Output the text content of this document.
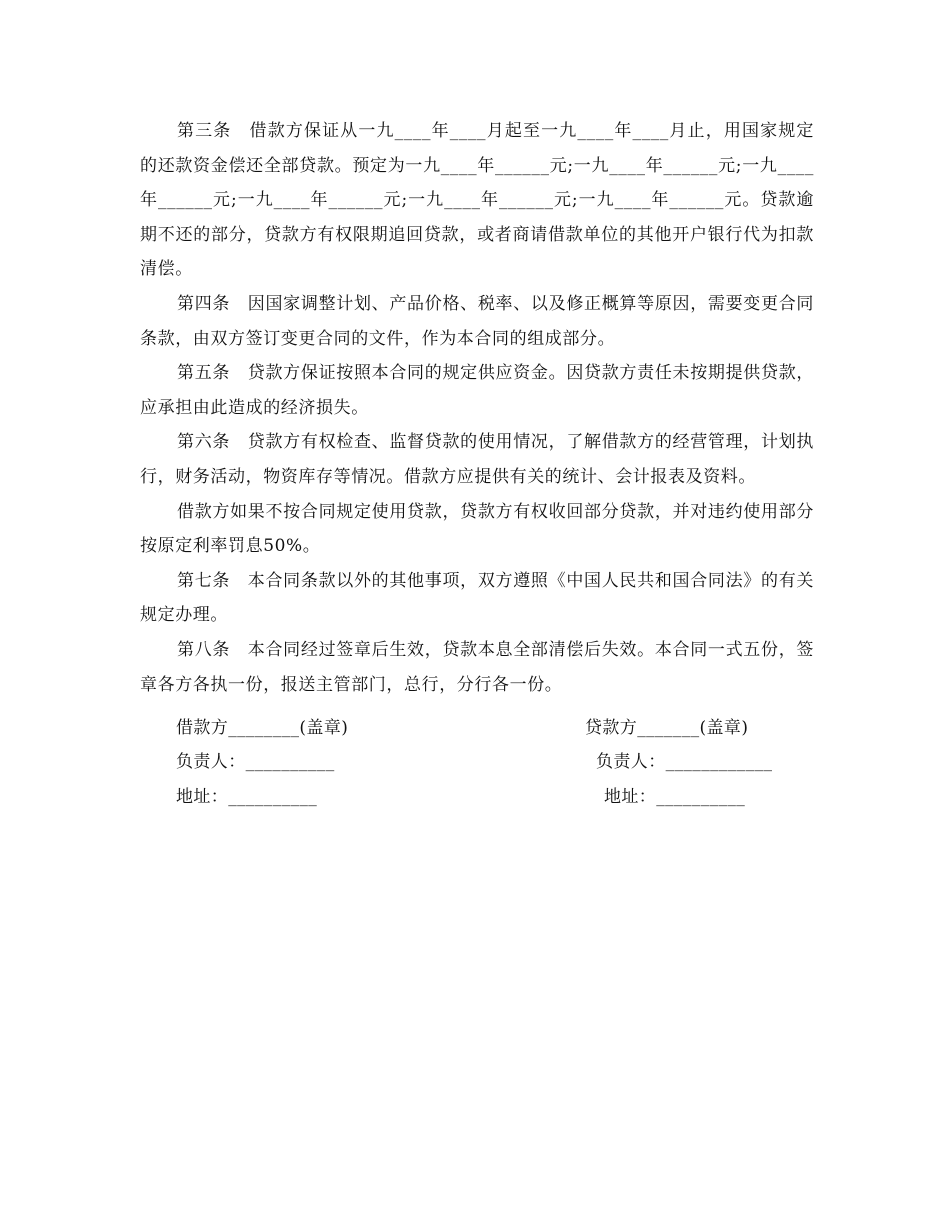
第三条　借款方保证从一九____年____月起至一九____年____月止，用国家规定的还款资金偿还全部贷款。预定为一九____年______元;一九____年______元;一九____年______元;一九____年______元;一九____年______元;一九____年______元。贷款逾期不还的部分，贷款方有权限期追回贷款，或者商请借款单位的其他开户银行代为扣款清偿。

第四条　因国家调整计划、产品价格、税率、以及修正概算等原因，需要变更合同条款，由双方签订变更合同的文件，作为本合同的组成部分。

第五条　贷款方保证按照本合同的规定供应资金。因贷款方责任未按期提供贷款，应承担由此造成的经济损失。

第六条　贷款方有权检查、监督贷款的使用情况，了解借款方的经营管理，计划执行，财务活动，物资库存等情况。借款方应提供有关的统计、会计报表及资料。

借款方如果不按合同规定使用贷款，贷款方有权收回部分贷款，并对违约使用部分按原定利率罚息50%。

第七条　本合同条款以外的其他事项，双方遵照《中国人民共和国合同法》的有关规定办理。

第八条　本合同经过签章后生效，贷款本息全部清偿后失效。本合同一式五份，签章各方各执一份，报送主管部门，总行，分行各一份。

借款方________(盖章)	贷款方_______(盖章)
负责人：__________	负责人：____________
地址：__________	地址：__________
